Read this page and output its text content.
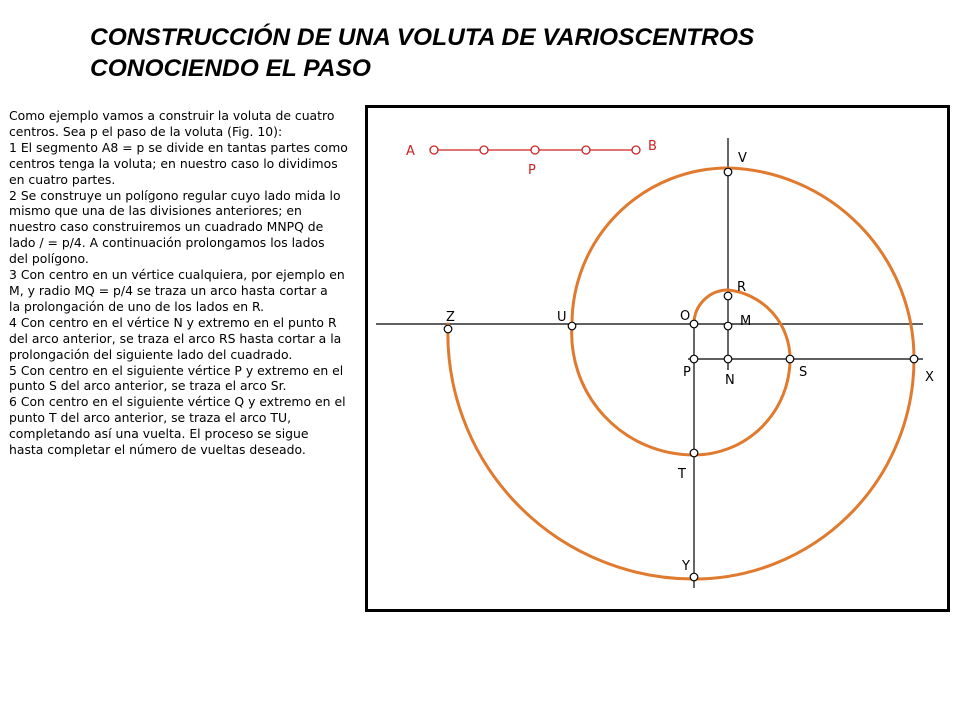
CONSTRUCCIÓN DE UNA VOLUTA DE VARIOSCENTROS
CONOCIENDO EL PASO
Como ejemplo vamos a construir la voluta de cuatro
centros. Sea p el paso de la voluta (Fig. 10):
1 El segmento A8 = p se divide en tantas partes como
centros tenga la voluta; en nuestro caso lo dividimos
en cuatro partes.
2 Se construye un polígono regular cuyo lado mida lo
mismo que una de las divisiones anteriores; en
nuestro caso construiremos un cuadrado MNPQ de
lado / = p/4. A continuación prolongamos los lados
del polígono.
3 Con centro en un vértice cualquiera, por ejemplo en
M, y radio MQ = p/4 se traza un arco hasta cortar a
la prolongación de uno de los lados en R.
4 Con centro en el vértice N y extremo en el punto R
del arco anterior, se traza el arco RS hasta cortar a la
prolongación del siguiente lado del cuadrado.
5 Con centro en el siguiente vértice P y extremo en el
punto S del arco anterior, se traza el arco Sr.
6 Con centro en el siguiente vértice Q y extremo en el
punto T del arco anterior, se traza el arco TU,
completando así una vuelta. El proceso se sigue
hasta completar el número de vueltas deseado.
A	B
P
V
R
O	M
Z	U
P
N
S	X
T
Y
